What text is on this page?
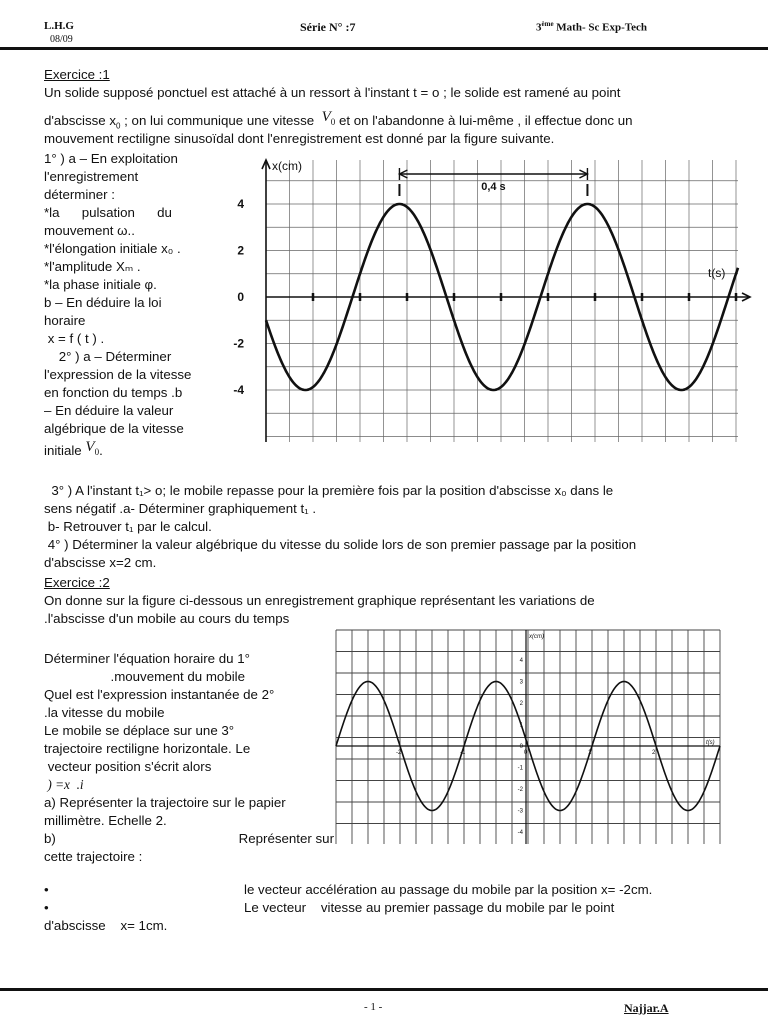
L.H.G
08/09
Série N° :7	3ème Math- Sc Exp-Tech
Exercice :1
Un solide supposé ponctuel est attaché à un ressort à l'instant t = o ; le solide est ramené au point
d'abscisse $x_0$ ; on lui communique une vitesse $V_0$ et on l'abandonne à lui-même , il effectue donc un
mouvement rectiligne sinusoïdal dont l'enregistrement est donné par la figure suivante.
1° ) a – En exploitation
l'enregistrement
déterminer :
*la      pulsation      du
mouvement ω..
*l'élongation initiale x₀ .
*l'amplitude Xₘ .
*la phase initiale φ.
b – En déduire la loi
horaire
x = f ( t ) .
2° ) a – Déterminer
l'expression de la vitesse
en fonction du temps .b
– En déduire la valeur
algébrique de la vitesse
initiale $V_0$.
x(cm)
t(s)
4
2
0
-2
-4
0,4 s
3° ) A l'instant t₁> o; le mobile repasse pour la première fois par la position d'abscisse x₀ dans le
sens négatif .a- Déterminer graphiquement t₁ .
b- Retrouver t₁ par le calcul.
4° ) Déterminer la valeur algébrique du vitesse du solide lors de son premier passage par la position
d'abscisse x=2 cm.
Exercice :2
On donne sur la figure ci-dessous un enregistrement graphique représentant les variations de
.l'abscisse d'un mobile au cours du temps
Déterminer l'équation horaire du 1°
.mouvement du mobile
Quel est l'expression instantanée de 2°
.la vitesse du mobile
Le mobile se déplace sur une 3°
trajectoire rectiligne horizontale. Le
vecteur position s'écrit alors
) =x  .i
a) Représenter la trajectoire sur le papier
millimètre. Echelle 2.
b)	Représenter sur
cette trajectoire :
x(cm)
t(s)
4
3
2
1
0
-1
-2
-3
-4
-2	-1	0	1	2
•	le vecteur accélération au passage du mobile par la position x= -2cm.
•	Le vecteur    vitesse au premier passage du mobile par le point
d'abscisse    x= 1cm.
- 1 -	Najjar.A
